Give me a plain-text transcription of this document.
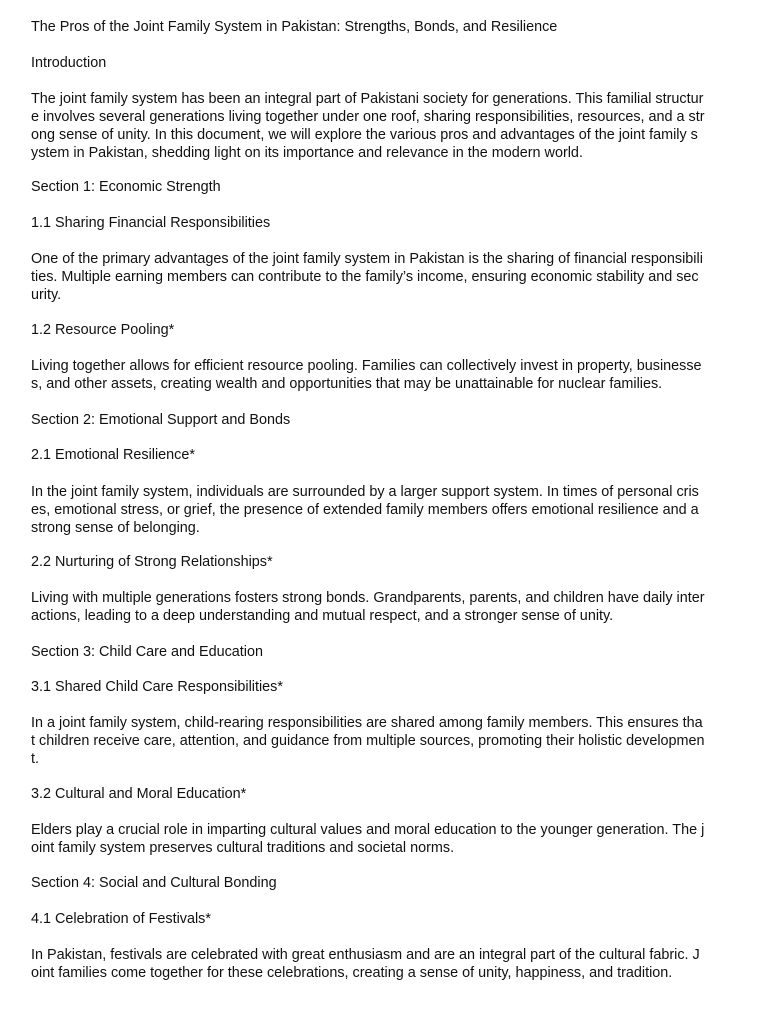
The Pros of the Joint Family System in Pakistan: Strengths, Bonds, and Resilience
Introduction
The joint family system has been an integral part of Pakistani society for generations. This familial structur
e involves several generations living together under one roof, sharing responsibilities, resources, and a str
ong sense of unity. In this document, we will explore the various pros and advantages of the joint family s
ystem in Pakistan, shedding light on its importance and relevance in the modern world.
Section 1: Economic Strength
1.1 Sharing Financial Responsibilities
One of the primary advantages of the joint family system in Pakistan is the sharing of financial responsibili
ties. Multiple earning members can contribute to the family’s income, ensuring economic stability and sec
urity.
1.2 Resource Pooling*
Living together allows for efficient resource pooling. Families can collectively invest in property, businesse
s, and other assets, creating wealth and opportunities that may be unattainable for nuclear families.
Section 2: Emotional Support and Bonds
2.1 Emotional Resilience*
In the joint family system, individuals are surrounded by a larger support system. In times of personal cris
es, emotional stress, or grief, the presence of extended family members offers emotional resilience and a
strong sense of belonging.
2.2 Nurturing of Strong Relationships*
Living with multiple generations fosters strong bonds. Grandparents, parents, and children have daily inter
actions, leading to a deep understanding and mutual respect, and a stronger sense of unity.
Section 3: Child Care and Education
3.1 Shared Child Care Responsibilities*
In a joint family system, child-rearing responsibilities are shared among family members. This ensures tha
t children receive care, attention, and guidance from multiple sources, promoting their holistic developmen
t.
3.2 Cultural and Moral Education*
Elders play a crucial role in imparting cultural values and moral education to the younger generation. The j
oint family system preserves cultural traditions and societal norms.
Section 4: Social and Cultural Bonding
4.1 Celebration of Festivals*
In Pakistan, festivals are celebrated with great enthusiasm and are an integral part of the cultural fabric. J
oint families come together for these celebrations, creating a sense of unity, happiness, and tradition.
